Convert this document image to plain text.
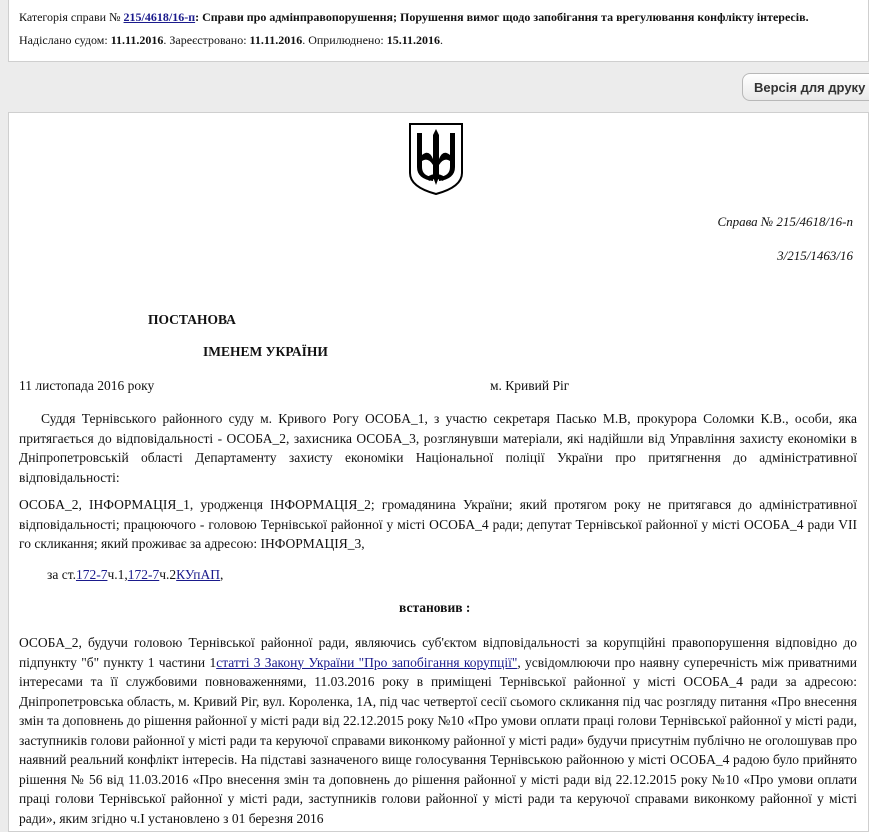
Категорія справи № 215/4618/16-п: Справи про адмінправопорушення; Порушення вимог щодо запобігання та врегулювання конфлікту інтересів.
Надіслано судом: 11.11.2016. Зареєстровано: 11.11.2016. Оприлюднено: 15.11.2016.
Версія для друку
Справа № 215/4618/16-п
3/215/1463/16
ПОСТАНОВА
ІМЕНЕМ УКРАЇНИ
11 листопада 2016 року	м. Кривий Ріг
Суддя Тернівського районного суду м. Кривого Рогу ОСОБА_1, з участю секретаря Пасько М.В, прокурора Соломки К.В., особи, яка притягається до відповідальності - ОСОБА_2, захисника ОСОБА_3, розглянувши матеріали, які надійшли від Управління захисту економіки в Дніпропетровській області Департаменту захисту економіки Національної поліції України про притягнення до адміністративної відповідальності:
ОСОБА_2, ІНФОРМАЦІЯ_1, уродженця ІНФОРМАЦІЯ_2; громадянина України; який протягом року не притягався до адміністративної відповідальності; працюючого - головою Тернівської районної у місті ОСОБА_4 ради; депутат Тернівської районної у місті ОСОБА_4 ради VII го скликання; який проживає за адресою: ІНФОРМАЦІЯ_3,
за ст.172-7ч.1,172-7ч.2КУпАП,
встановив :
ОСОБА_2, будучи головою Тернівської районної ради, являючись суб'єктом відповідальності за корупційні правопорушення відповідно до підпункту "б" пункту 1 частини 1статті 3 Закону України "Про запобігання корупції", усвідомлюючи про наявну суперечність між приватними інтересами та її службовими повноваженнями, 11.03.2016 року в приміщені Тернівської районної у місті ОСОБА_4 ради за адресою: Дніпропетровська область, м. Кривий Ріг, вул. Короленка, 1А, під час четвертої сесії сьомого скликання під час розгляду питання «Про внесення змін та доповнень до рішення районної у місті ради від 22.12.2015 року №10 «Про умови оплати праці голови Тернівської районної у місті ради, заступників голови районної у місті ради та керуючої справами виконкому районної у місті ради» будучи присутнім публічно не оголошував про наявний реальний конфлікт інтересів. На підставі зазначеного вище голосування Тернівською районною у місті ОСОБА_4 радою було прийнято рішення № 56 від 11.03.2016 «Про внесення змін та доповнень до рішення районної у місті ради від 22.12.2015 року №10 «Про умови оплати праці голови Тернівської районної у місті ради, заступників голови районної у місті ради та керуючої справами виконкому районної у місті ради», яким згідно ч.І установлено з 01 березня 2016
